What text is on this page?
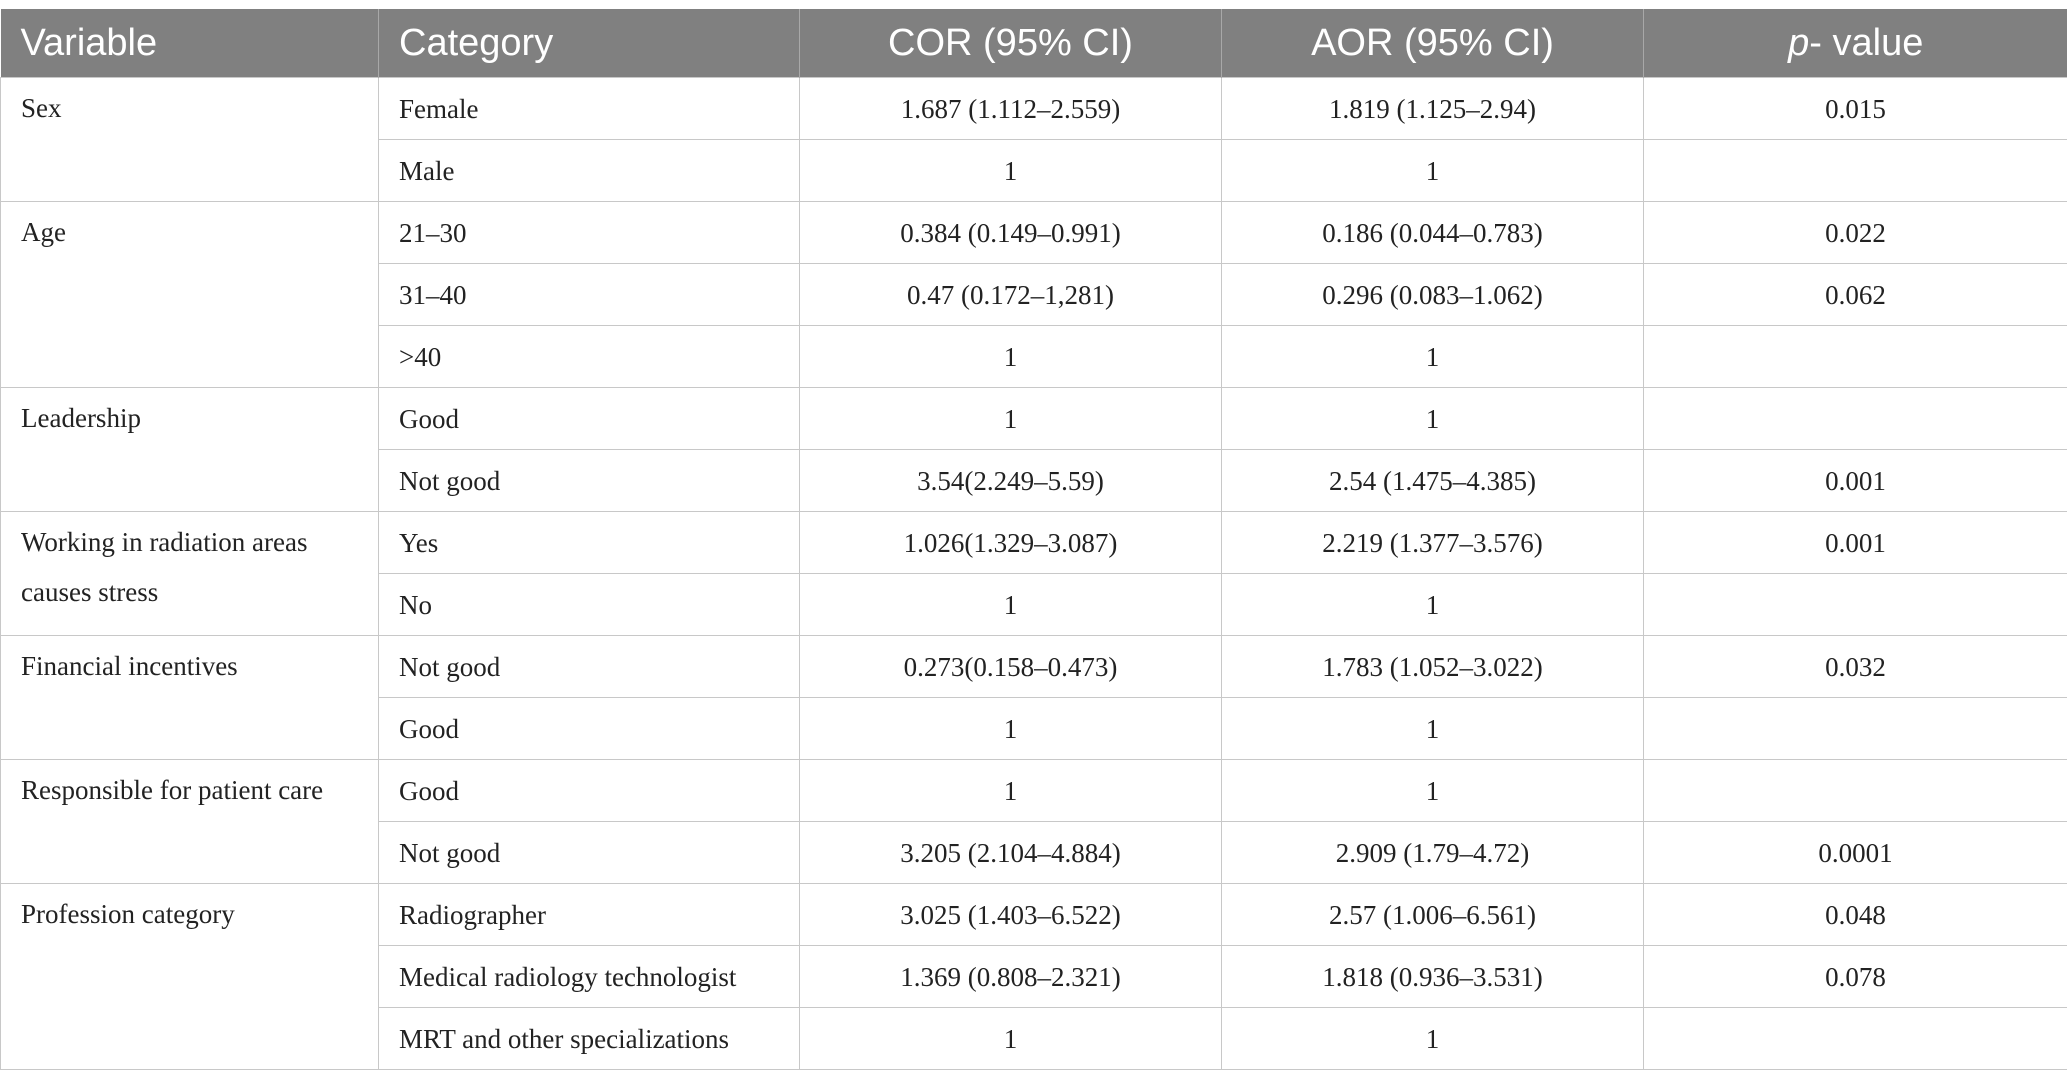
Variable	Category	COR (95% CI)	AOR (95% CI)	p- value
Sex	Female	1.687 (1.112–2.559)	1.819 (1.125–2.94)	0.015
	Male	1	1	
Age	21–30	0.384 (0.149–0.991)	0.186 (0.044–0.783)	0.022
	31–40	0.47 (0.172–1,281)	0.296 (0.083–1.062)	0.062
	>40	1	1	
Leadership	Good	1	1	
	Not good	3.54(2.249–5.59)	2.54 (1.475–4.385)	0.001
Working in radiation areas causes stress	Yes	1.026(1.329–3.087)	2.219 (1.377–3.576)	0.001
	No	1	1	
Financial incentives	Not good	0.273(0.158–0.473)	1.783 (1.052–3.022)	0.032
	Good	1	1	
Responsible for patient care	Good	1	1	
	Not good	3.205 (2.104–4.884)	2.909 (1.79–4.72)	0.0001
Profession category	Radiographer	3.025 (1.403–6.522)	2.57 (1.006–6.561)	0.048
	Medical radiology technologist	1.369 (0.808–2.321)	1.818 (0.936–3.531)	0.078
	MRT and other specializations	1	1	
